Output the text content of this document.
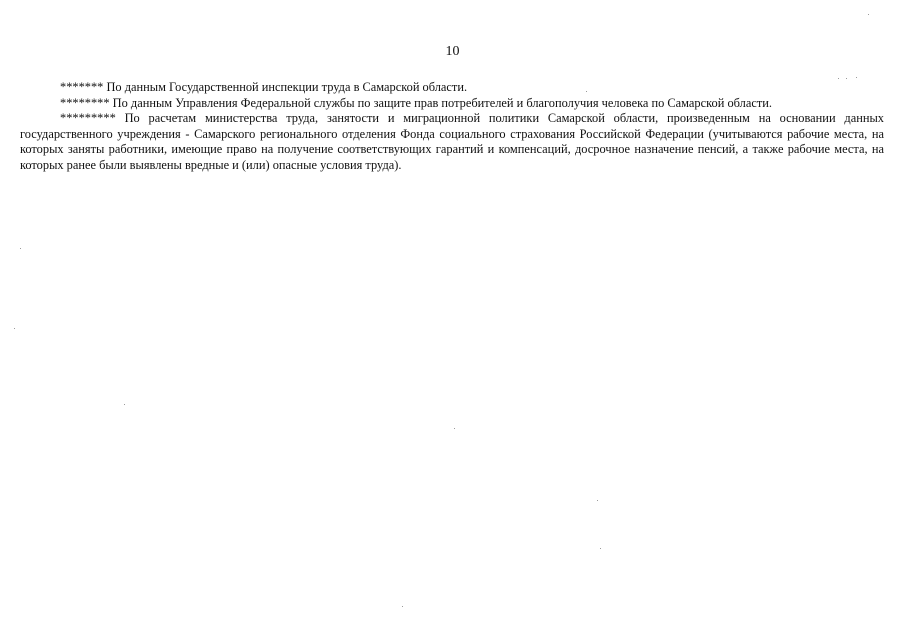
10

******* По данным Государственной инспекции труда в Самарской области.

******** По данным Управления Федеральной службы по защите прав потребителей и благополучия человека по Самарской области.

********* По расчетам министерства труда, занятости и миграционной политики Самарской области, произведенным на основании данных государственного учреждения - Самарского регионального отделения Фонда социального страхования Российской Федерации (учитываются рабочие места, на которых заняты работники, имеющие право на получение соответствующих гарантий и компенсаций, досрочное назначение пенсий, а также рабочие места, на которых ранее были выявлены вредные и (или) опасные условия труда).
